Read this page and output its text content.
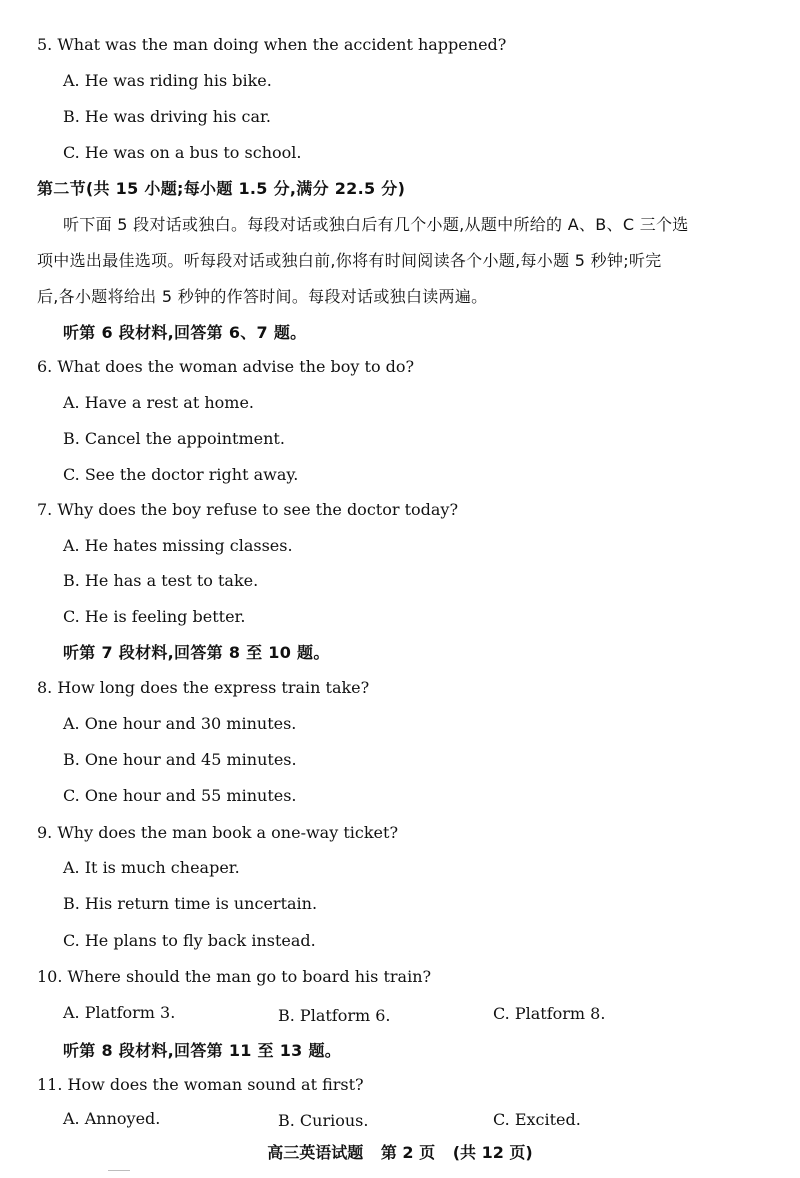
5. What was the man doing when the accident happened?
A. He was riding his bike.
B. He was driving his car.
C. He was on a bus to school.
第二节(共 15 小题;每小题 1.5 分,满分 22.5 分)
听下面 5 段对话或独白。每段对话或独白后有几个小题,从题中所给的 A、B、C 三个选
项中选出最佳选项。听每段对话或独白前,你将有时间阅读各个小题,每小题 5 秒钟;听完
后,各小题将给出 5 秒钟的作答时间。每段对话或独白读两遍。
听第 6 段材料,回答第 6、7 题。
6. What does the woman advise the boy to do?
A. Have a rest at home.
B. Cancel the appointment.
C. See the doctor right away.
7. Why does the boy refuse to see the doctor today?
A. He hates missing classes.
B. He has a test to take.
C. He is feeling better.
听第 7 段材料,回答第 8 至 10 题。
8. How long does the express train take?
A. One hour and 30 minutes.
B. One hour and 45 minutes.
C. One hour and 55 minutes.
9. Why does the man book a one-way ticket?
A. It is much cheaper.
B. His return time is uncertain.
C. He plans to fly back instead.
10. Where should the man go to board his train?
A. Platform 3.	B. Platform 6.	C. Platform 8.
听第 8 段材料,回答第 11 至 13 题。
11. How does the woman sound at first?
A. Annoyed.	B. Curious.	C. Excited.
高三英语试题 第 2 页 (共 12 页)
